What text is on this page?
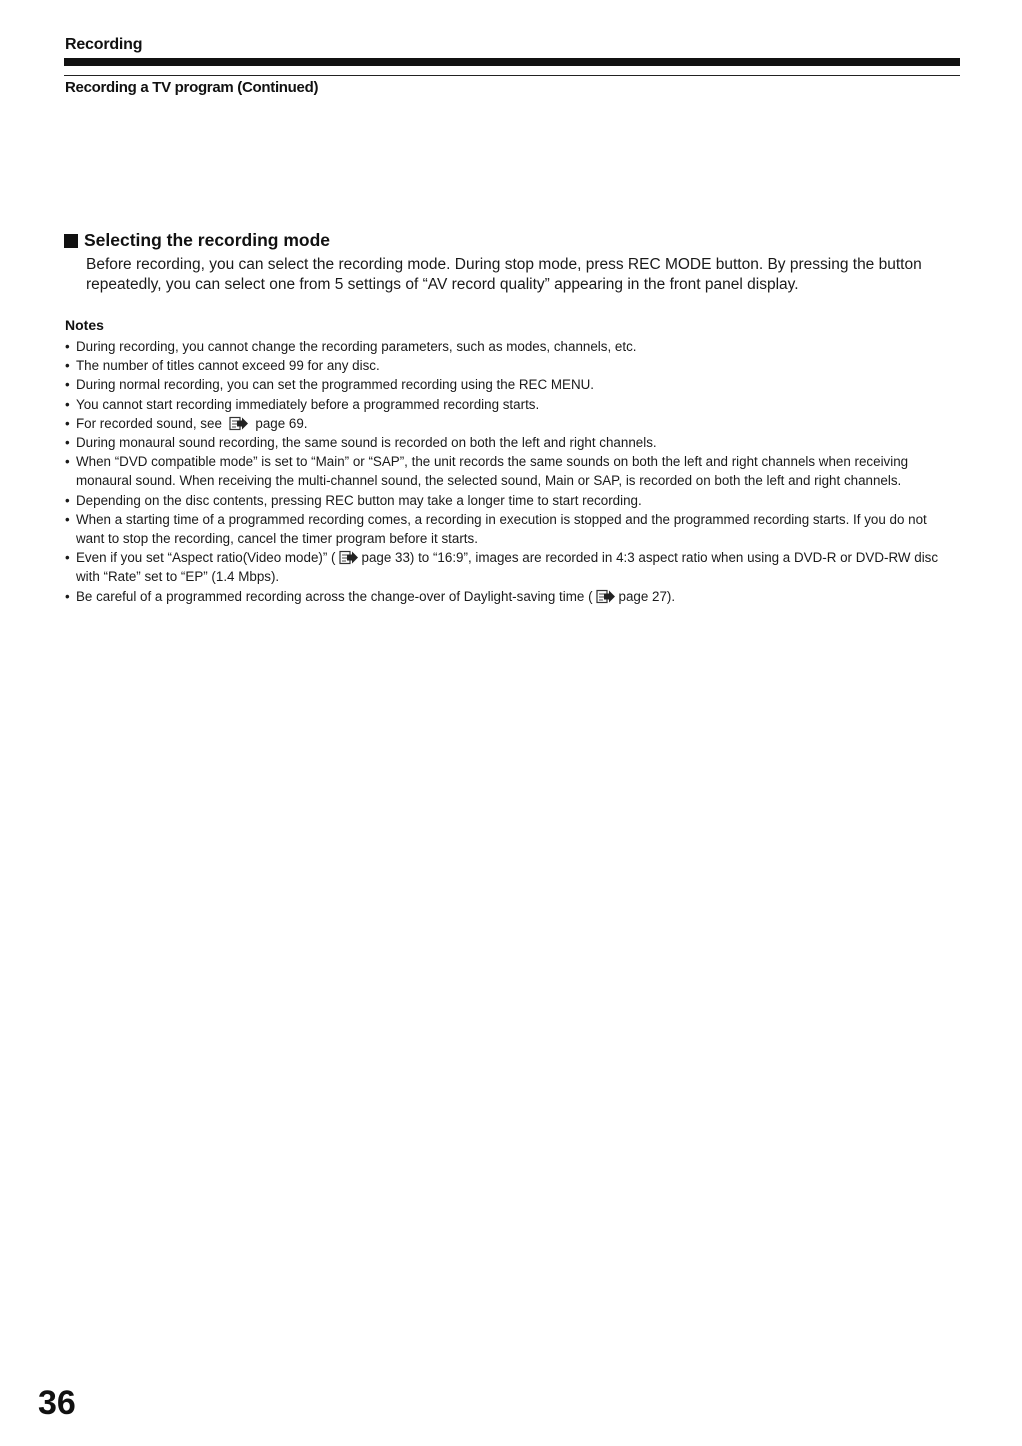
Recording
Recording a TV program (Continued)
Selecting the recording mode

Before recording, you can select the recording mode. During stop mode, press REC MODE button. By pressing the button repeatedly, you can select one from 5 settings of “AV record quality” appearing in the front panel display.

Notes
• During recording, you cannot change the recording parameters, such as modes, channels, etc.
• The number of titles cannot exceed 99 for any disc.
• During normal recording, you can set the programmed recording using the REC MENU.
• You cannot start recording immediately before a programmed recording starts.
• For recorded sound, see page 69.
• During monaural sound recording, the same sound is recorded on both the left and right channels.
• When “DVD compatible mode” is set to “Main” or “SAP”, the unit records the same sounds on both the left and right channels when receiving monaural sound. When receiving the multi-channel sound, the selected sound, Main or SAP, is recorded on both the left and right channels.
• Depending on the disc contents, pressing REC button may take a longer time to start recording.
• When a starting time of a programmed recording comes, a recording in execution is stopped and the programmed recording starts. If you do not want to stop the recording, cancel the timer program before it starts.
• Even if you set “Aspect ratio(Video mode)” ( page 33) to “16:9”, images are recorded in 4:3 aspect ratio when using a DVD-R or DVD-RW disc with “Rate” set to “EP” (1.4 Mbps).
• Be careful of a programmed recording across the change-over of Daylight-saving time ( page 27).
36
